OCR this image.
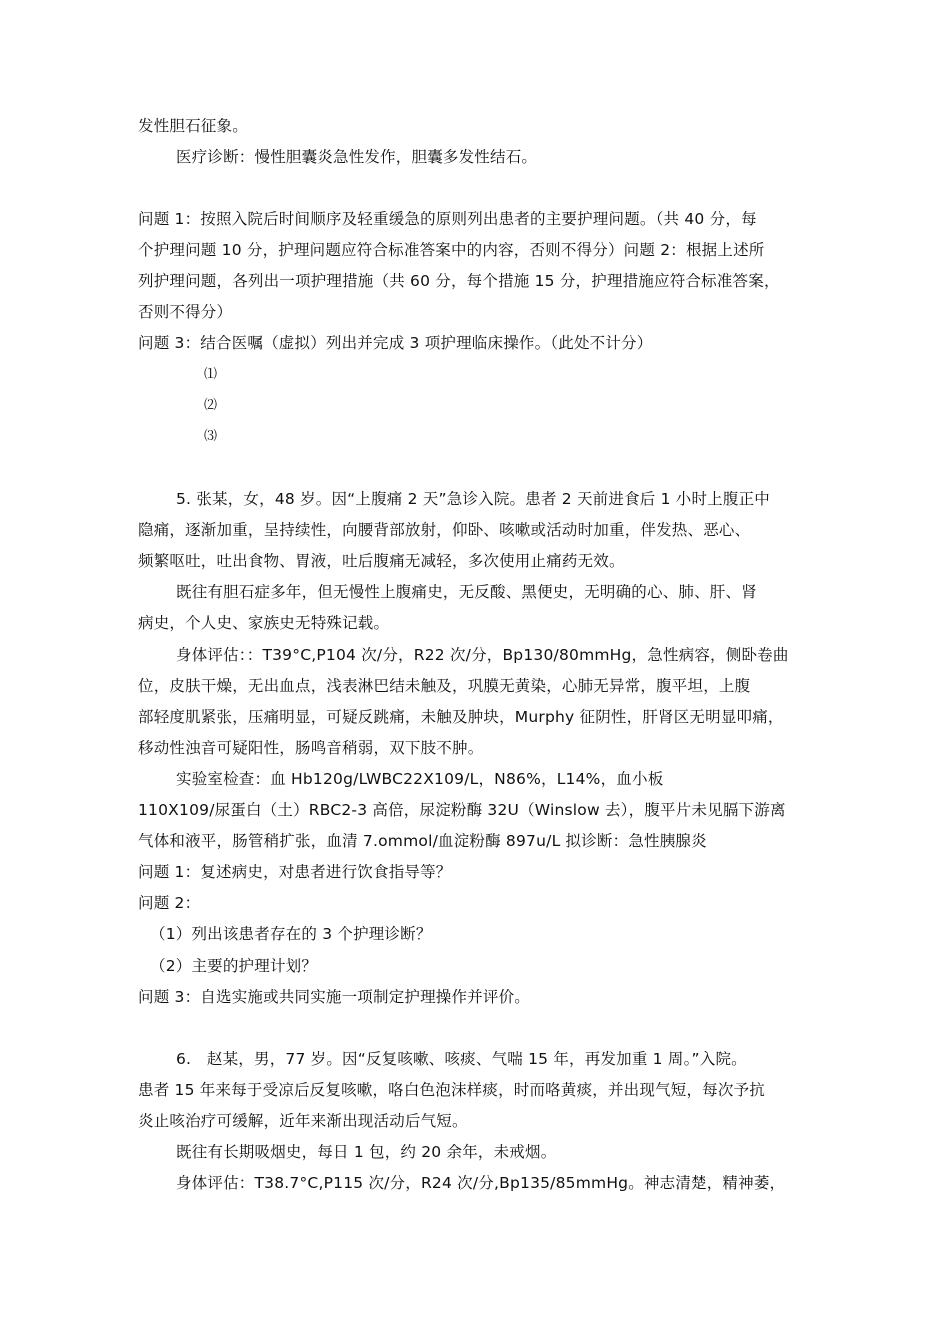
发性胆石征象。
医疗诊断：慢性胆囊炎急性发作，胆囊多发性结石。
问题 1：按照入院后时间顺序及轻重缓急的原则列出患者的主要护理问题。（共 40 分，每
个护理问题 10 分，护理问题应符合标准答案中的内容，否则不得分）问题 2：根据上述所
列护理问题，各列出一项护理措施（共 60 分，每个措施 15 分，护理措施应符合标准答案，
否则不得分）
问题 3：结合医嘱（虚拟）列出并完成 3 项护理临床操作。（此处不计分）
⑴
⑵
⑶
5. 张某，女，48 岁。因“上腹痛 2 天”急诊入院。患者 2 天前进食后 1 小时上腹正中
隐痛，逐渐加重，呈持续性，向腰背部放射，仰卧、咳嗽或活动时加重，伴发热、恶心、
频繁呕吐，吐出食物、胃液，吐后腹痛无减轻，多次使用止痛药无效。
既往有胆石症多年，但无慢性上腹痛史，无反酸、黑便史，无明确的心、肺、肝、肾
病史，个人史、家族史无特殊记载。
身体评估：：T39°C,P104 次/分，R22 次/分，Bp130/80mmHg，急性病容，侧卧卷曲
位，皮肤干燥，无出血点，浅表淋巴结未触及，巩膜无黄染，心肺无异常，腹平坦，上腹
部轻度肌紧张，压痛明显，可疑反跳痛，未触及肿块，Murphy 征阴性，肝肾区无明显叩痛，
移动性浊音可疑阳性，肠鸣音稍弱，双下肢不肿。
实验室检查：血 Hb120g/LWBC22X109/L，N86%，L14%，血小板
110X109/尿蛋白（土）RBC2-3 高倍，尿淀粉酶 32U（Winslow 去），腹平片未见膈下游离
气体和液平，肠管稍扩张，血清 7.ommol/血淀粉酶 897u/L 拟诊断：急性胰腺炎
问题 1：复述病史，对患者进行饮食指导等？
问题 2：
（1）列出该患者存在的 3 个护理诊断？
（2）主要的护理计划？
问题 3：自选实施或共同实施一项制定护理操作并评价。
6.　赵某，男，77 岁。因“反复咳嗽、咳痰、气喘 15 年，再发加重 1 周。”入院。
患者 15 年来每于受凉后反复咳嗽，咯白色泡沫样痰，时而咯黄痰，并出现气短，每次予抗
炎止咳治疗可缓解，近年来渐出现活动后气短。
既往有长期吸烟史，每日 1 包，约 20 余年，未戒烟。
身体评估：T38.7°C,P115 次/分，R24 次/分,Bp135/85mmHg。神志清楚，精神萎，
